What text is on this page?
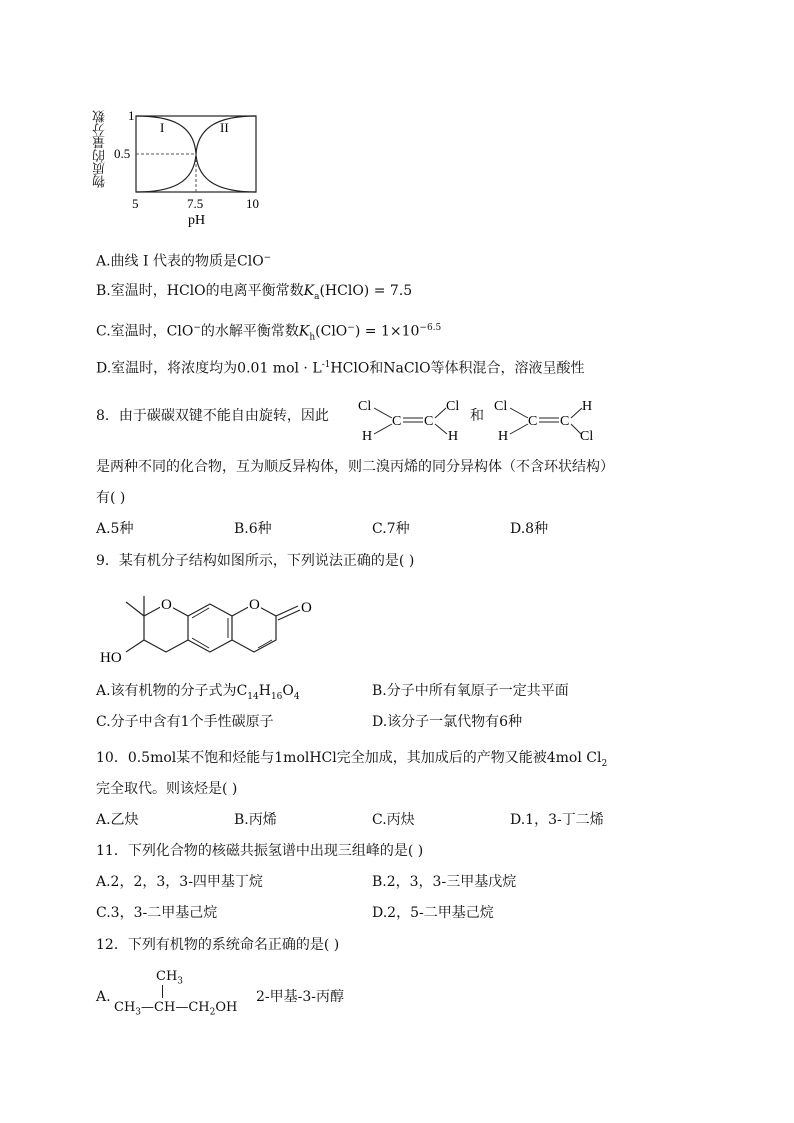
1
0.5
5	7.5	10
pH
I	II
物质的量分数
A.曲线 I 代表的物质是ClO−
B.室温时，HClO的电离平衡常数$K_a(HClO) = 7.5$
C.室温时，ClO−的水解平衡常数$K_h(ClO^-) = 1\times 10^{-6.5}$
D.室温时，将浓度均为0.01 mol · $L^{-1}HClO$和NaClO等体积混合，溶液呈酸性
8．由于碳碳双键不能自由旋转，因此
Cl	Cl
H	H
C C	和
Cl	H
H	Cl
C C
是两种不同的化合物，互为顺反异构体，则二溴丙烯的同分异构体（不含环状结构）
有( )
A.5种	B.6种	C.7种	D.8种
9．某有机分子结构如图所示，下列说法正确的是( )
O	O	O
HO
A.该有机物的分子式为$C_{14}H_{16}O_4$	B.分子中所有氧原子一定共平面
C.分子中含有1个手性碳原子	D.该分子一氯代物有6种
10．0.5mol某不饱和烃能与1molHCl完全加成，其加成后的产物又能被4mol $Cl_2$
完全取代。则该烃是( )
A.乙炔	B.丙烯	C.丙炔	D.1，3-丁二烯
11．下列化合物的核磁共振氢谱中出现三组峰的是( )
A.2，2，3，3-四甲基丁烷	B.2，3，3-三甲基戊烷
C.3，3-二甲基己烷	D.2，5-二甲基己烷
12．下列有机物的系统命名正确的是( )
A.
$CH_3$
$CH_3—CH—CH_2OH$
2-甲基-3-丙醇
